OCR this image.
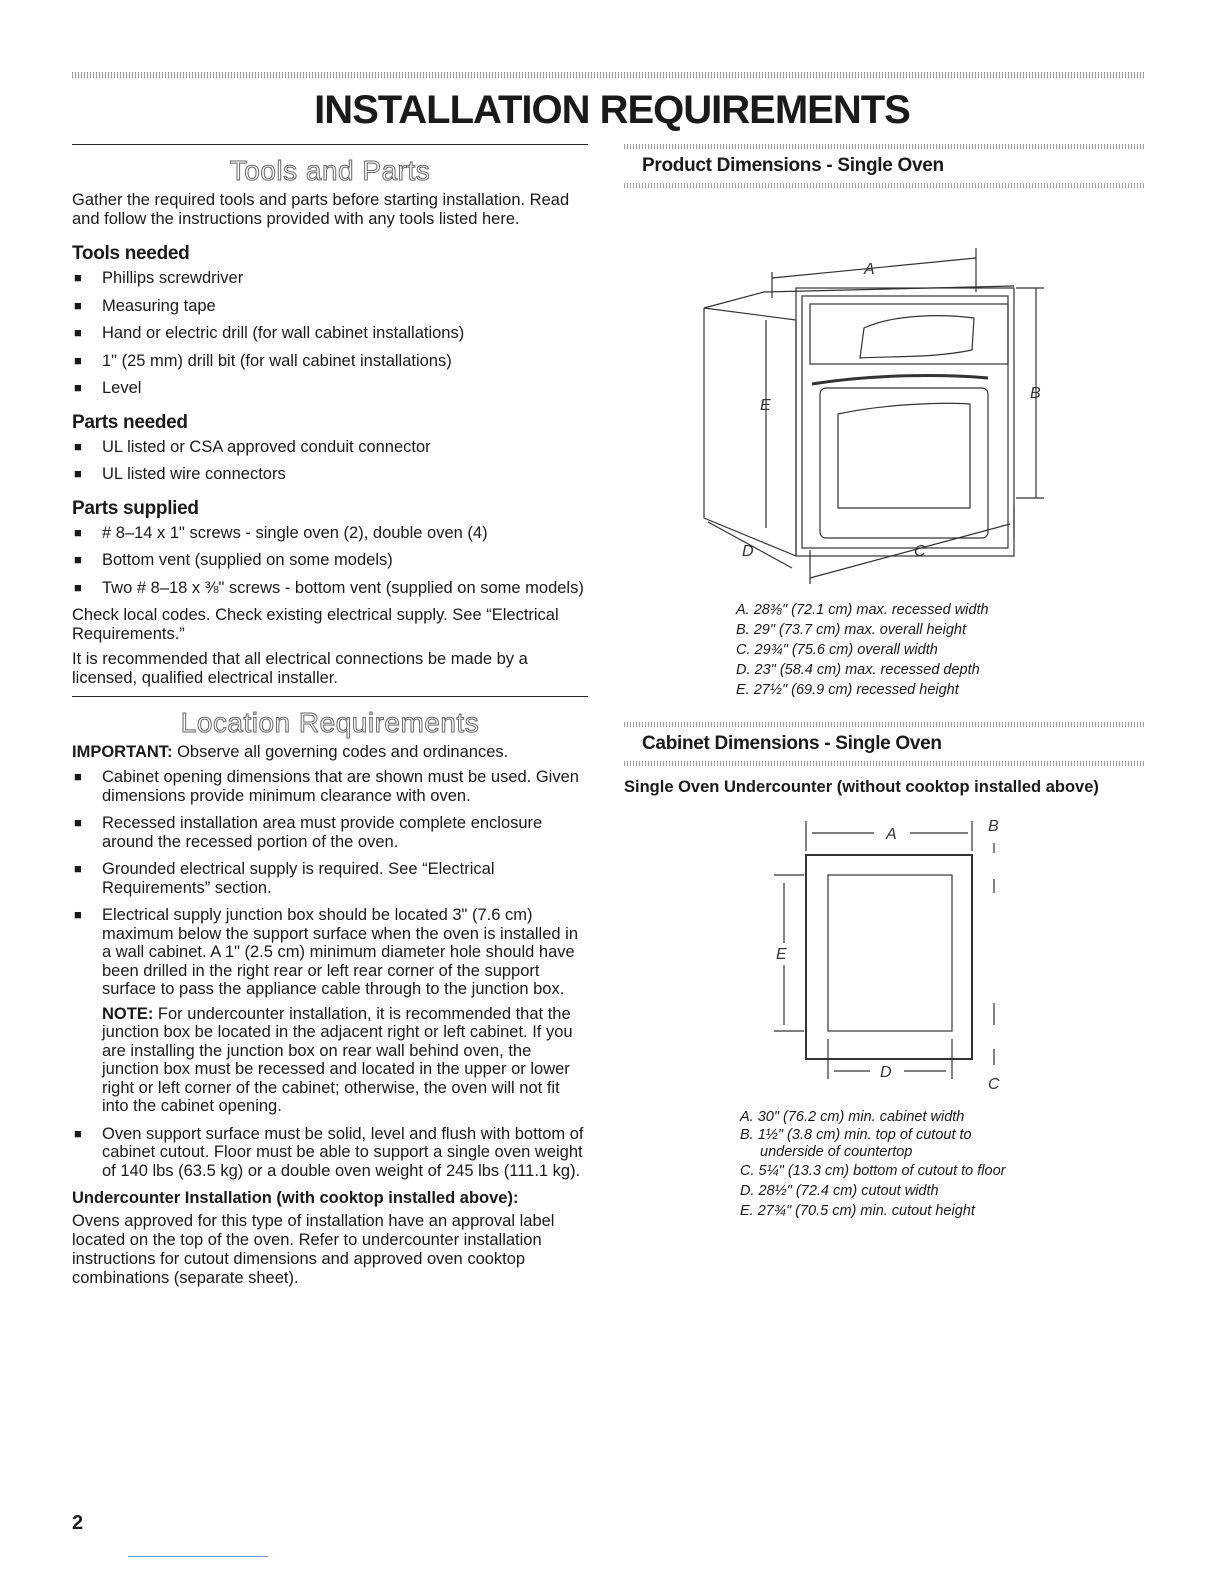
INSTALLATION REQUIREMENTS
Tools and Parts

Gather the required tools and parts before starting installation. Read and follow the instructions provided with any tools listed here.

Tools needed
■ Phillips screwdriver
■ Measuring tape
■ Hand or electric drill (for wall cabinet installations)
■ 1" (25 mm) drill bit (for wall cabinet installations)
■ Level
Parts needed
■ UL listed or CSA approved conduit connector
■ UL listed wire connectors
Parts supplied
■ # 8–14 x 1" screws - single oven (2), double oven (4)
■ Bottom vent (supplied on some models)
■ Two # 8–18 x ⅜" screws - bottom vent (supplied on some models)

Check local codes. Check existing electrical supply. See “Electrical Requirements.”

It is recommended that all electrical connections be made by a licensed, qualified electrical installer.

Location Requirements

IMPORTANT: Observe all governing codes and ordinances.

■ Cabinet opening dimensions that are shown must be used. Given dimensions provide minimum clearance with oven.
■ Recessed installation area must provide complete enclosure around the recessed portion of the oven.
■ Grounded electrical supply is required. See “Electrical Requirements” section.
■ Electrical supply junction box should be located 3" (7.6 cm) maximum below the support surface when the oven is installed in a wall cabinet. A 1" (2.5 cm) minimum diameter hole should have been drilled in the right rear or left rear corner of the support surface to pass the appliance cable through to the junction box.
NOTE: For undercounter installation, it is recommended that the junction box be located in the adjacent right or left cabinet. If you are installing the junction box on rear wall behind oven, the junction box must be recessed and located in the upper or lower right or left corner of the cabinet; otherwise, the oven will not fit into the cabinet opening.
■ Oven support surface must be solid, level and flush with bottom of cabinet cutout. Floor must be able to support a single oven weight of 140 lbs (63.5 kg) or a double oven weight of 245 lbs (111.1 kg).
Undercounter Installation (with cooktop installed above):

Ovens approved for this type of installation have an approval label located on the top of the oven. Refer to undercounter installation instructions for cutout dimensions and approved oven cooktop combinations (separate sheet).

Product Dimensions - Single Oven
A
B
C
D
E
A. 28⅜" (72.1 cm) max. recessed width
B. 29" (73.7 cm) max. overall height
C. 29¾" (75.6 cm) overall width
D. 23" (58.4 cm) max. recessed depth
E. 27½" (69.9 cm) recessed height
Cabinet Dimensions - Single Oven
Single Oven Undercounter (without cooktop installed above)
A	B
C
D
E
A. 30" (76.2 cm) min. cabinet width
B. 1½" (3.8 cm) min. top of cutout to
underside of countertop
C. 5¼" (13.3 cm) bottom of cutout to floor
D. 28½" (72.4 cm) cutout width
E. 27¾" (70.5 cm) min. cutout height

2
